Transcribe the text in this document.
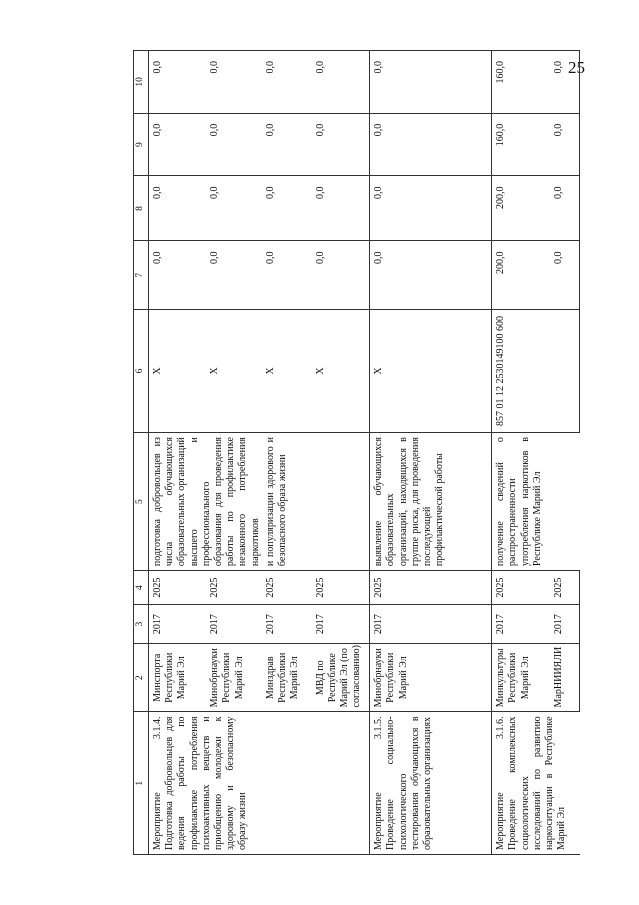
25
1	2	3	4	5	6	7	8	9	10
Мероприятие 3.1.4. Подготовка добровольцев для ведения работы по профилактике потребления психоактивных веществ и приобщению молодежи к здоровому и безопасному образу жизни	Минспорта Республики Марий Эл	2017	2025	подготовка добровольцев из числа обучающихся образовательных организаций высшего и профессионального образования для проведения работы по профилактике незаконного потребления наркотиков	X	0,0	0,0	0,0	0,0
	Минобрнауки Республики Марий Эл	2017	2025		X	0,0	0,0	0,0	0,0
	Минздрав Республики Марий Эл	2017	2025	и популяризации здорового и безопасного образа жизни	X	0,0	0,0	0,0	0,0
	МВД по Республике Марий Эл (по согласованию)	2017	2025		X	0,0	0,0	0,0	0,0
Мероприятие 3.1.5. Проведение социально-психологического тестирования обучающихся в образовательных организациях	Минобрнауки Республики Марий Эл	2017	2025	выявление обучающихся образовательных организаций, находящихся в группе риска, для проведения последующей профилактической работы	X	0,0	0,0	0,0	0,0
Мероприятие 3.1.6. Проведение комплексных социологических исследований по развитию наркоситуации в Республике Марий Эл	Минкультуры Республики Марий Эл	2017	2025	получение сведений о распространенности употребления наркотиков в Республике Марий Эл	857 01 12 2530149100 600	200,0	200,0	160,0	160,0
	МарНИИЯЛИ	2017	2025			0,0	0,0	0,0	0,0
